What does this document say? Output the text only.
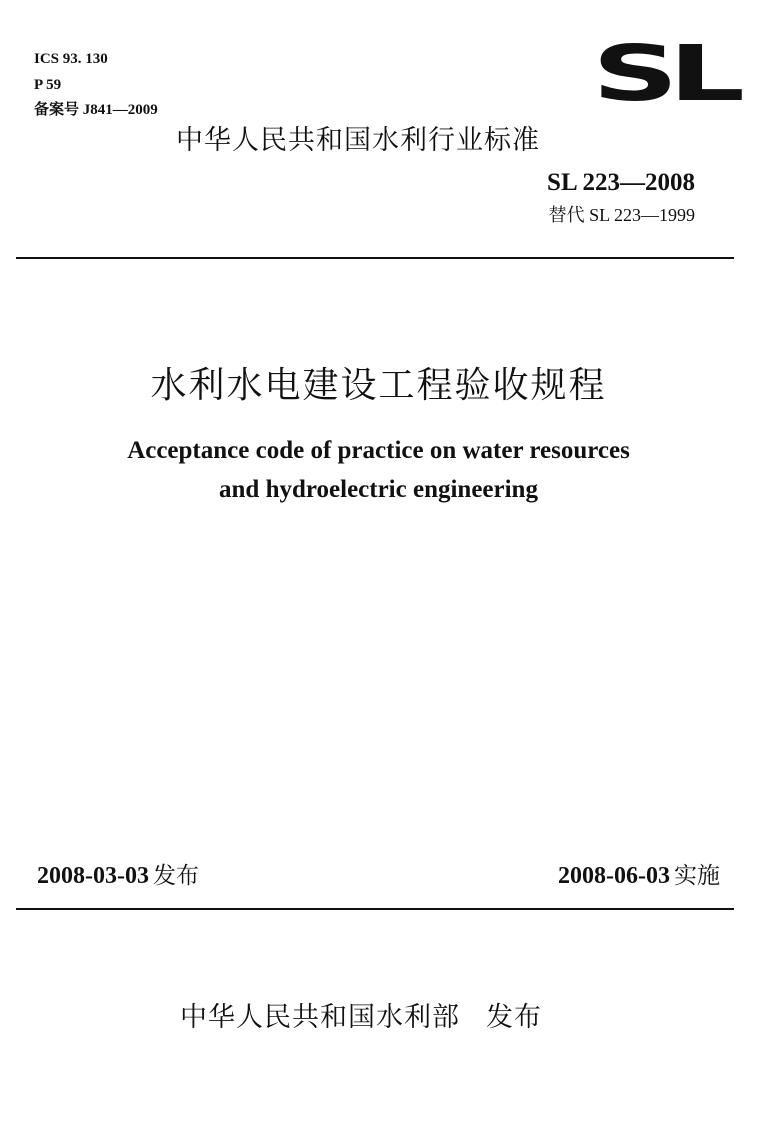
ICS 93. 130
P 59
备案号 J841—2009	SL
中华人民共和国水利行业标准
SL 223—2008
替代 SL 223—1999
水利水电建设工程验收规程
Acceptance code of practice on water resources
and hydroelectric engineering
2008-03-03 发布	2008-06-03 实施
中华人民共和国水利部 发布
